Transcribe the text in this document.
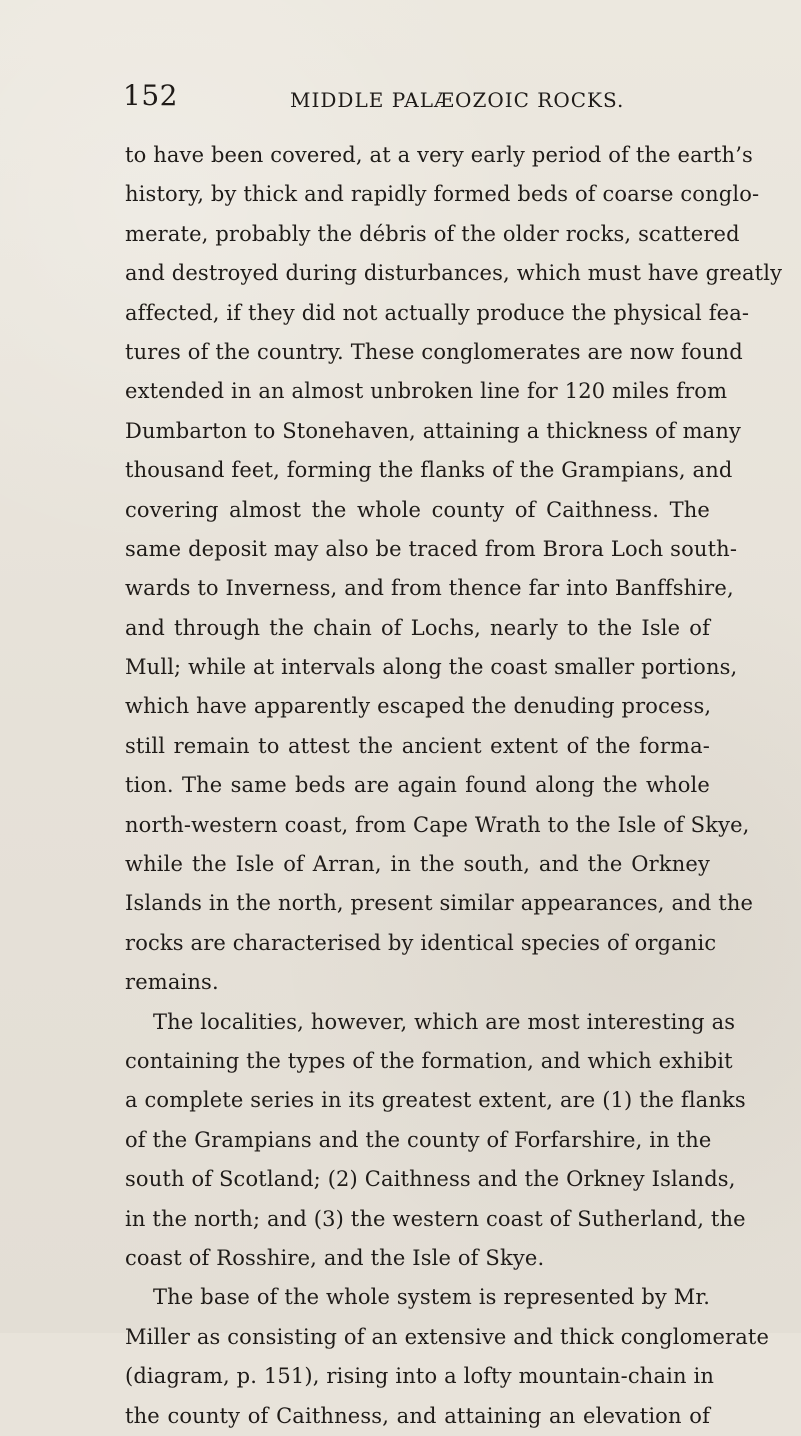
152	MIDDLE PALÆOZOIC ROCKS.
to have been covered, at a very early period of the earth’s
history, by thick and rapidly formed beds of coarse conglo-
merate, probably the débris of the older rocks, scattered
and destroyed during disturbances, which must have greatly
affected, if they did not actually produce the physical fea-
tures of the country. These conglomerates are now found
extended in an almost unbroken line for 120 miles from
Dumbarton to Stonehaven, attaining a thickness of many
thousand feet, forming the flanks of the Grampians, and
covering almost the whole county of Caithness. The
same deposit may also be traced from Brora Loch south-
wards to Inverness, and from thence far into Banffshire,
and through the chain of Lochs, nearly to the Isle of
Mull; while at intervals along the coast smaller portions,
which have apparently escaped the denuding process,
still remain to attest the ancient extent of the forma-
tion. The same beds are again found along the whole
north-western coast, from Cape Wrath to the Isle of Skye,
while the Isle of Arran, in the south, and the Orkney
Islands in the north, present similar appearances, and the
rocks are characterised by identical species of organic
remains.
The localities, however, which are most interesting as
containing the types of the formation, and which exhibit
a complete series in its greatest extent, are (1) the flanks
of the Grampians and the county of Forfarshire, in the
south of Scotland; (2) Caithness and the Orkney Islands,
in the north; and (3) the western coast of Sutherland, the
coast of Rosshire, and the Isle of Skye.
The base of the whole system is represented by Mr.
Miller as consisting of an extensive and thick conglomerate
(diagram, p. 151), rising into a lofty mountain-chain in
the county of Caithness, and attaining an elevation of
